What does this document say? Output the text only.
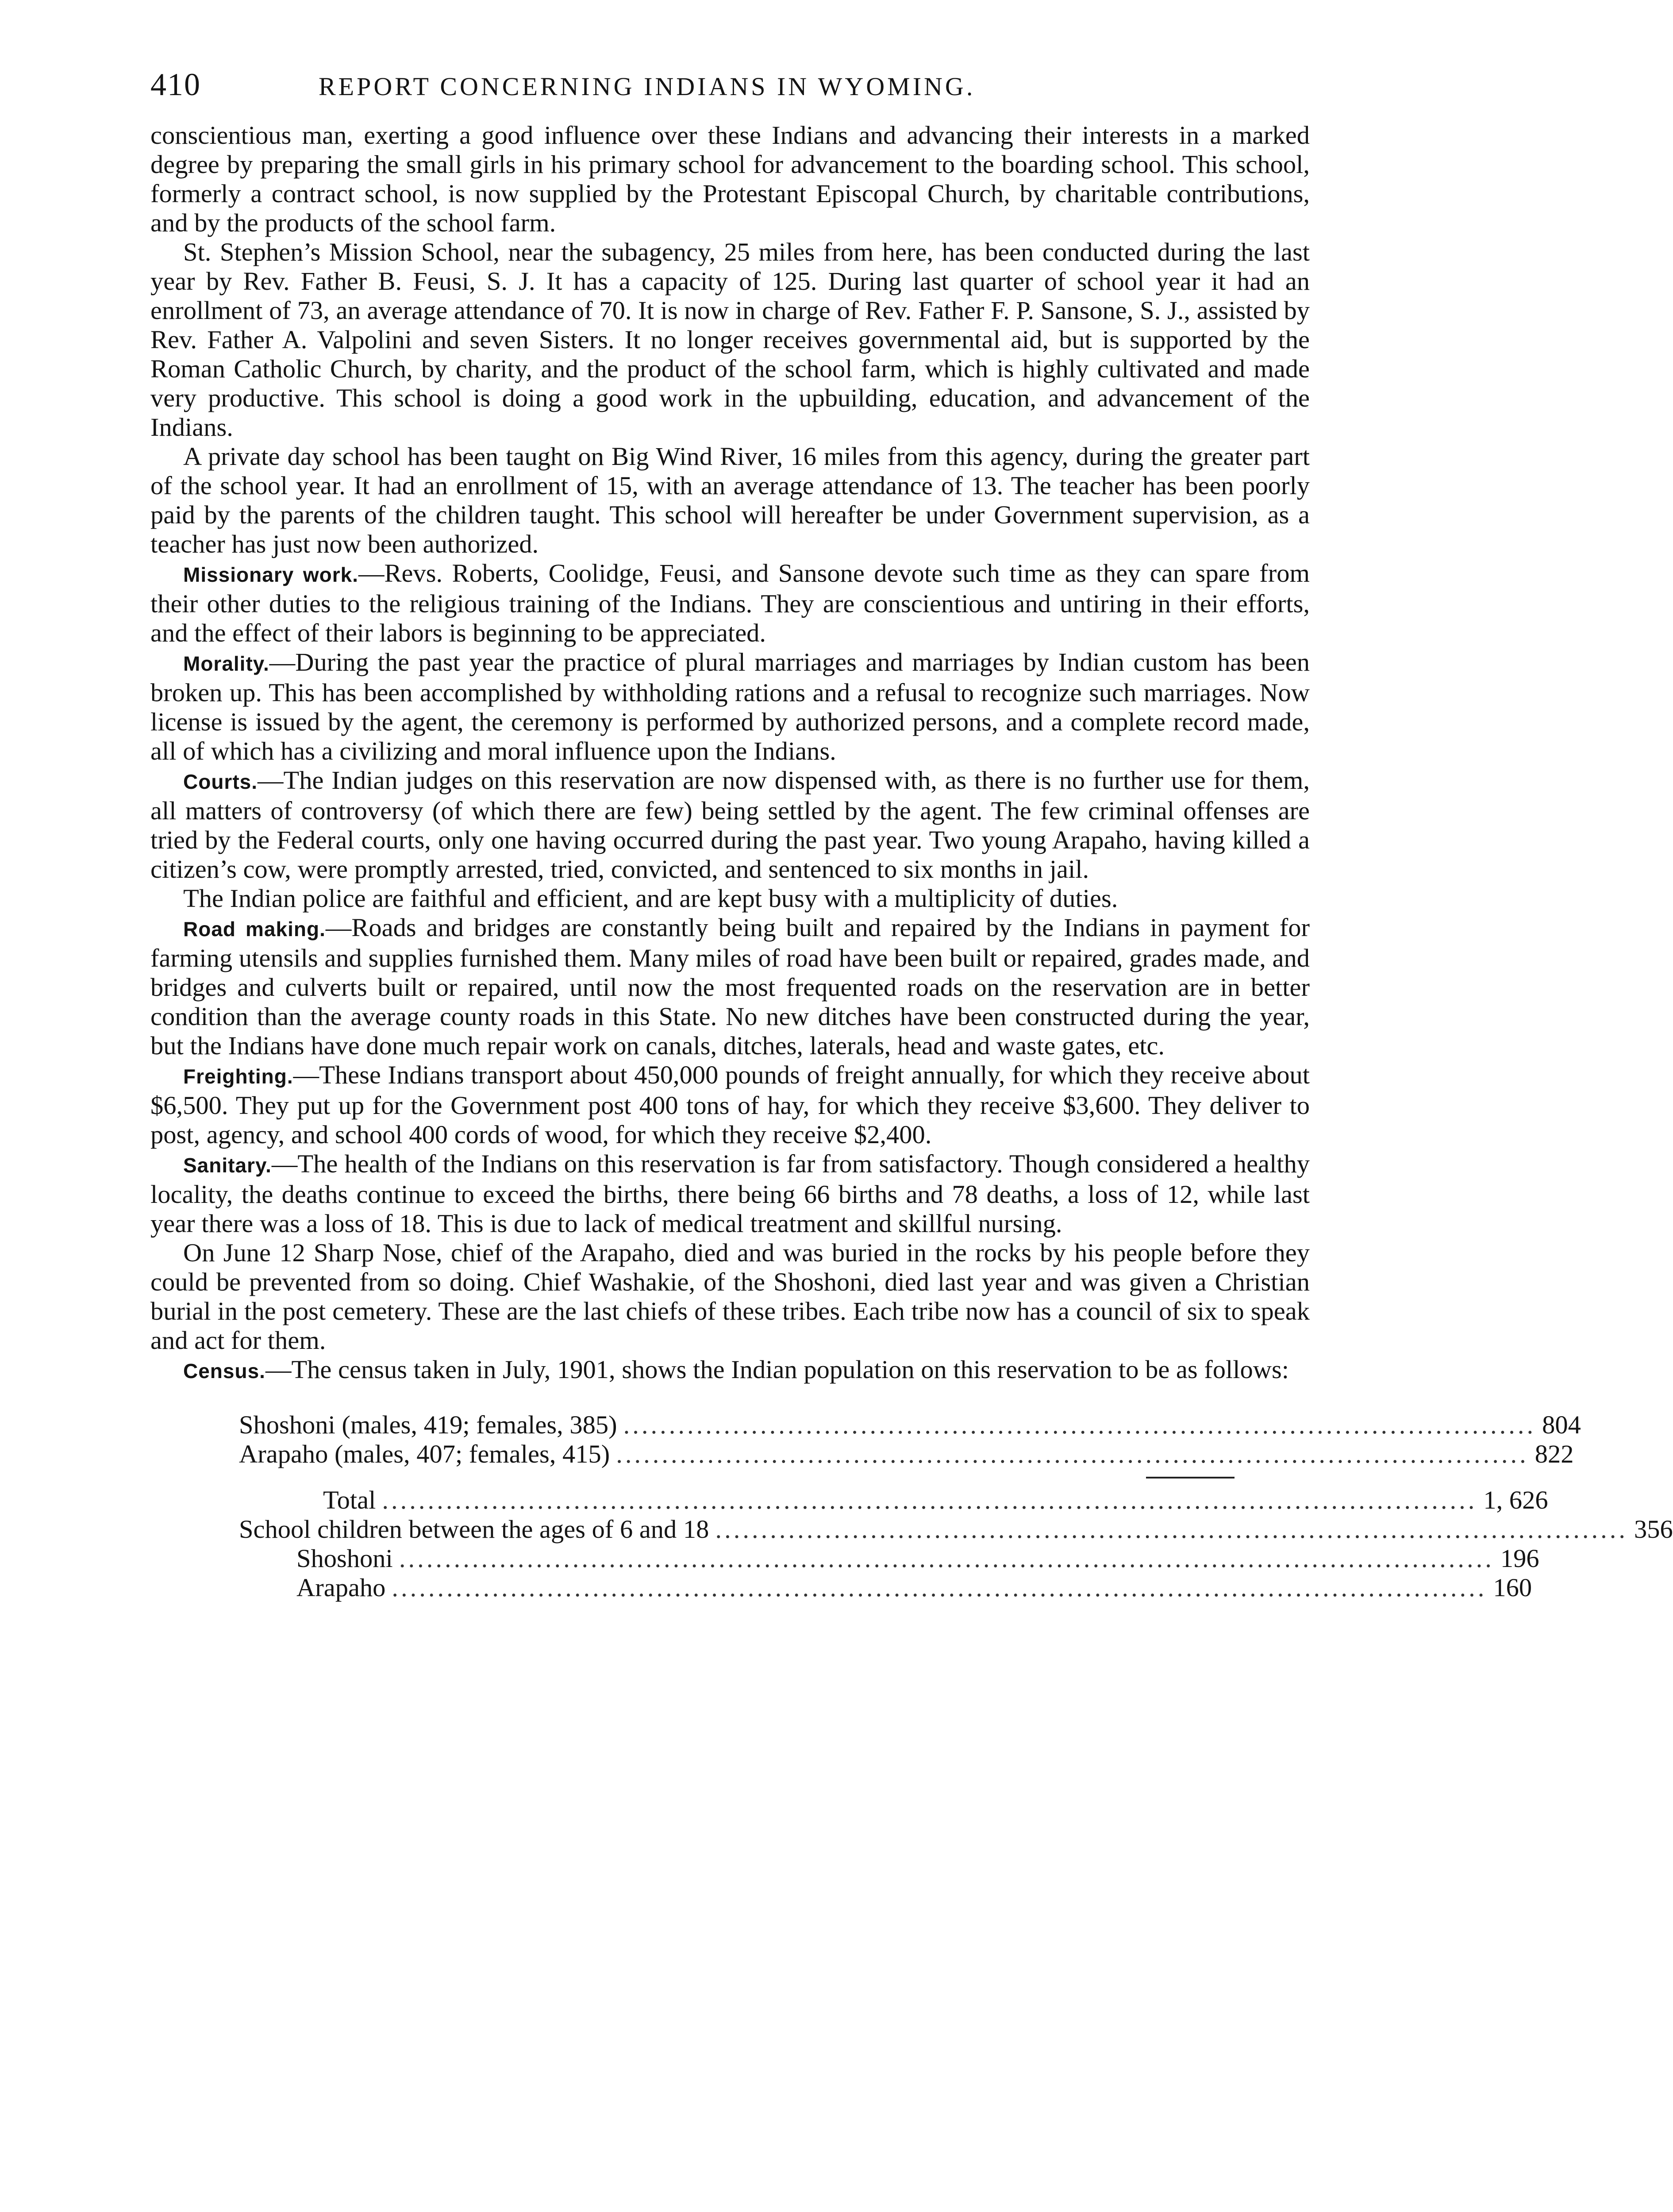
410	REPORT CONCERNING INDIANS IN WYOMING.

conscientious man, exerting a good influence over these Indians and advancing their interests in a marked degree by preparing the small girls in his primary school for advancement to the boarding school. This school, formerly a contract school, is now supplied by the Protestant Episcopal Church, by charitable contributions, and by the products of the school farm.

St. Stephen’s Mission School, near the subagency, 25 miles from here, has been conducted during the last year by Rev. Father B. Feusi, S. J. It has a capacity of 125. During last quarter of school year it had an enrollment of 73, an average attendance of 70. It is now in charge of Rev. Father F. P. Sansone, S. J., assisted by Rev. Father A. Valpolini and seven Sisters. It no longer receives governmental aid, but is supported by the Roman Catholic Church, by charity, and the product of the school farm, which is highly cultivated and made very productive. This school is doing a good work in the upbuilding, education, and advancement of the Indians.

A private day school has been taught on Big Wind River, 16 miles from this agency, during the greater part of the school year. It had an enrollment of 15, with an average attendance of 13. The teacher has been poorly paid by the parents of the children taught. This school will hereafter be under Government supervision, as a teacher has just now been authorized.

Missionary work.—Revs. Roberts, Coolidge, Feusi, and Sansone devote such time as they can spare from their other duties to the religious training of the Indians. They are conscientious and untiring in their efforts, and the effect of their labors is beginning to be appreciated.

Morality.—During the past year the practice of plural marriages and marriages by Indian custom has been broken up. This has been accomplished by withholding rations and a refusal to recognize such marriages. Now license is issued by the agent, the ceremony is performed by authorized persons, and a complete record made, all of which has a civilizing and moral influence upon the Indians.

Courts.—The Indian judges on this reservation are now dispensed with, as there is no further use for them, all matters of controversy (of which there are few) being settled by the agent. The few criminal offenses are tried by the Federal courts, only one having occurred during the past year. Two young Arapaho, having killed a citizen’s cow, were promptly arrested, tried, convicted, and sentenced to six months in jail.

The Indian police are faithful and efficient, and are kept busy with a multiplicity of duties.

Road making.—Roads and bridges are constantly being built and repaired by the Indians in payment for farming utensils and supplies furnished them. Many miles of road have been built or repaired, grades made, and bridges and culverts built or repaired, until now the most frequented roads on the reservation are in better condition than the average county roads in this State. No new ditches have been constructed during the year, but the Indians have done much repair work on canals, ditches, laterals, head and waste gates, etc.

Freighting.—These Indians transport about 450,000 pounds of freight annually, for which they receive about $6,500. They put up for the Government post 400 tons of hay, for which they receive $3,600. They deliver to post, agency, and school 400 cords of wood, for which they receive $2,400.

Sanitary.—The health of the Indians on this reservation is far from satisfactory. Though considered a healthy locality, the deaths continue to exceed the births, there being 66 births and 78 deaths, a loss of 12, while last year there was a loss of 18. This is due to lack of medical treatment and skillful nursing.

On June 12 Sharp Nose, chief of the Arapaho, died and was buried in the rocks by his people before they could be prevented from so doing. Chief Washakie, of the Shoshoni, died last year and was given a Christian burial in the post cemetery. These are the last chiefs of these tribes. Each tribe now has a council of six to speak and act for them.

Census.—The census taken in July, 1901, shows the Indian population on this reservation to be as follows:

Shoshoni (males, 419; females, 385) .................................................................................................... 804
Arapaho (males, 407; females, 415) .................................................................................................... 822
Total ........................................................................................................................ 1, 626
School children between the ages of 6 and 18 .................................................................................................... 356
Shoshoni ........................................................................................................................ 196
Arapaho ........................................................................................................................ 160
